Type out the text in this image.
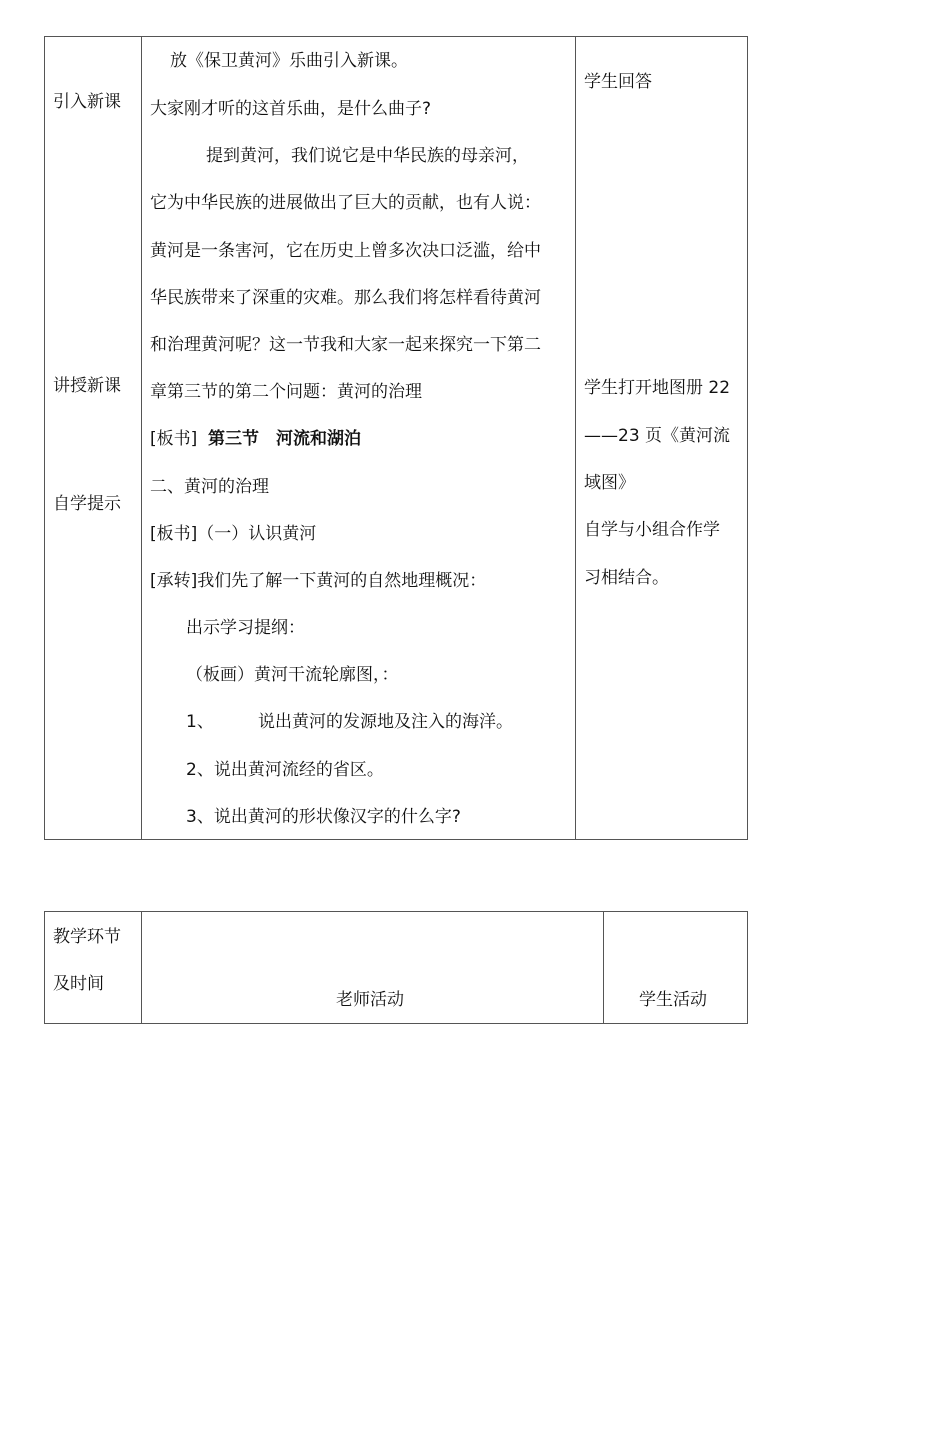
引入新课
讲授新课
自学提示
放《保卫黄河》乐曲引入新课。
大家刚才听的这首乐曲，是什么曲子?
提到黄河，我们说它是中华民族的母亲河，
它为中华民族的进展做出了巨大的贡献，也有人说：
黄河是一条害河，它在历史上曾多次决口泛滥，给中
华民族带来了深重的灾难。那么我们将怎样看待黄河
和治理黄河呢？这一节我和大家一起来探究一下第二
章第三节的第二个问题：黄河的治理
[板书] 第三节　河流和湖泊
二、黄河的治理
[板书]（一）认识黄河
[承转]我们先了解一下黄河的自然地理概况：
出示学习提纲：
（板画）黄河干流轮廓图，：
1、	说出黄河的发源地及注入的海洋。
2、说出黄河流经的省区。
3、说出黄河的形状像汉字的什么字?
学生回答
学生打开地图册 22
——23 页《黄河流
域图》
自学与小组合作学
习相结合。
教学环节
及时间
老师活动	学生活动
